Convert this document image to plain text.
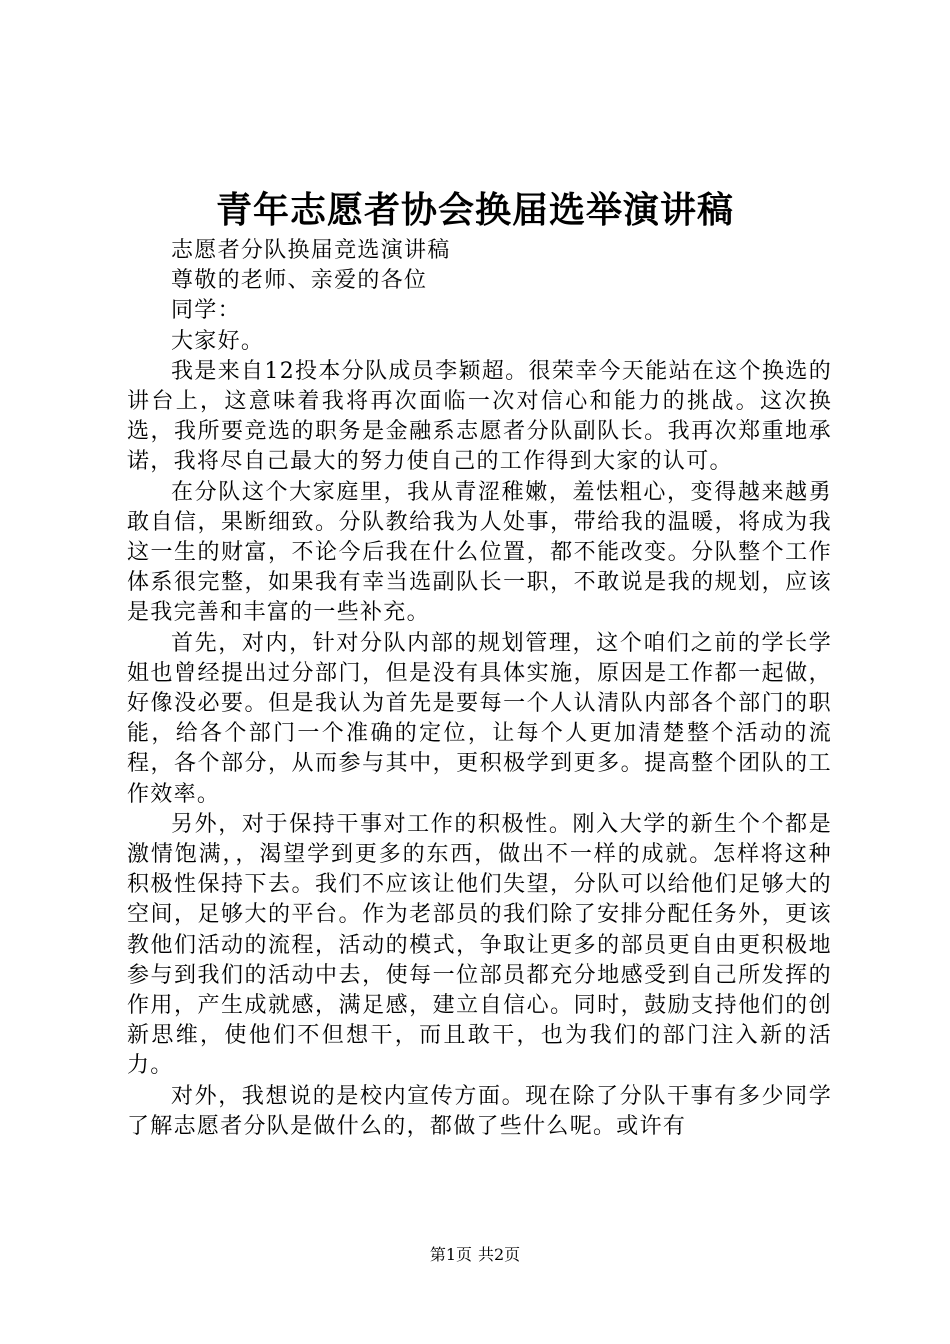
青年志愿者协会换届选举演讲稿

志愿者分队换届竞选演讲稿

尊敬的老师、亲爱的各位

同学：

大家好。

我是来自12投本分队成员李颖超。很荣幸今天能站在这个换选的讲台上，这意味着我将再次面临一次对信心和能力的挑战。这次换选，我所要竞选的职务是金融系志愿者分队副队长。我再次郑重地承诺，我将尽自己最大的努力使自己的工作得到大家的认可。

在分队这个大家庭里，我从青涩稚嫩，羞怯粗心，变得越来越勇敢自信，果断细致。分队教给我为人处事，带给我的温暖，将成为我这一生的财富，不论今后我在什么位置，都不能改变。分队整个工作体系很完整，如果我有幸当选副队长一职，不敢说是我的规划，应该是我完善和丰富的一些补充。

首先，对内，针对分队内部的规划管理，这个咱们之前的学长学姐也曾经提出过分部门，但是没有具体实施，原因是工作都一起做，好像没必要。但是我认为首先是要每一个人认清队内部各个部门的职能，给各个部门一个准确的定位，让每个人更加清楚整个活动的流程，各个部分，从而参与其中，更积极学到更多。提高整个团队的工作效率。

另外，对于保持干事对工作的积极性。刚入大学的新生个个都是激情饱满，，渴望学到更多的东西，做出不一样的成就。怎样将这种积极性保持下去。我们不应该让他们失望，分队可以给他们足够大的空间，足够大的平台。作为老部员的我们除了安排分配任务外，更该教他们活动的流程，活动的模式，争取让更多的部员更自由更积极地参与到我们的活动中去，使每一位部员都充分地感受到自己所发挥的作用，产生成就感，满足感，建立自信心。同时，鼓励支持他们的创新思维，使他们不但想干，而且敢干，也为我们的部门注入新的活力。

对外，我想说的是校内宣传方面。现在除了分队干事有多少同学了解志愿者分队是做什么的，都做了些什么呢。或许有

第1页 共2页
